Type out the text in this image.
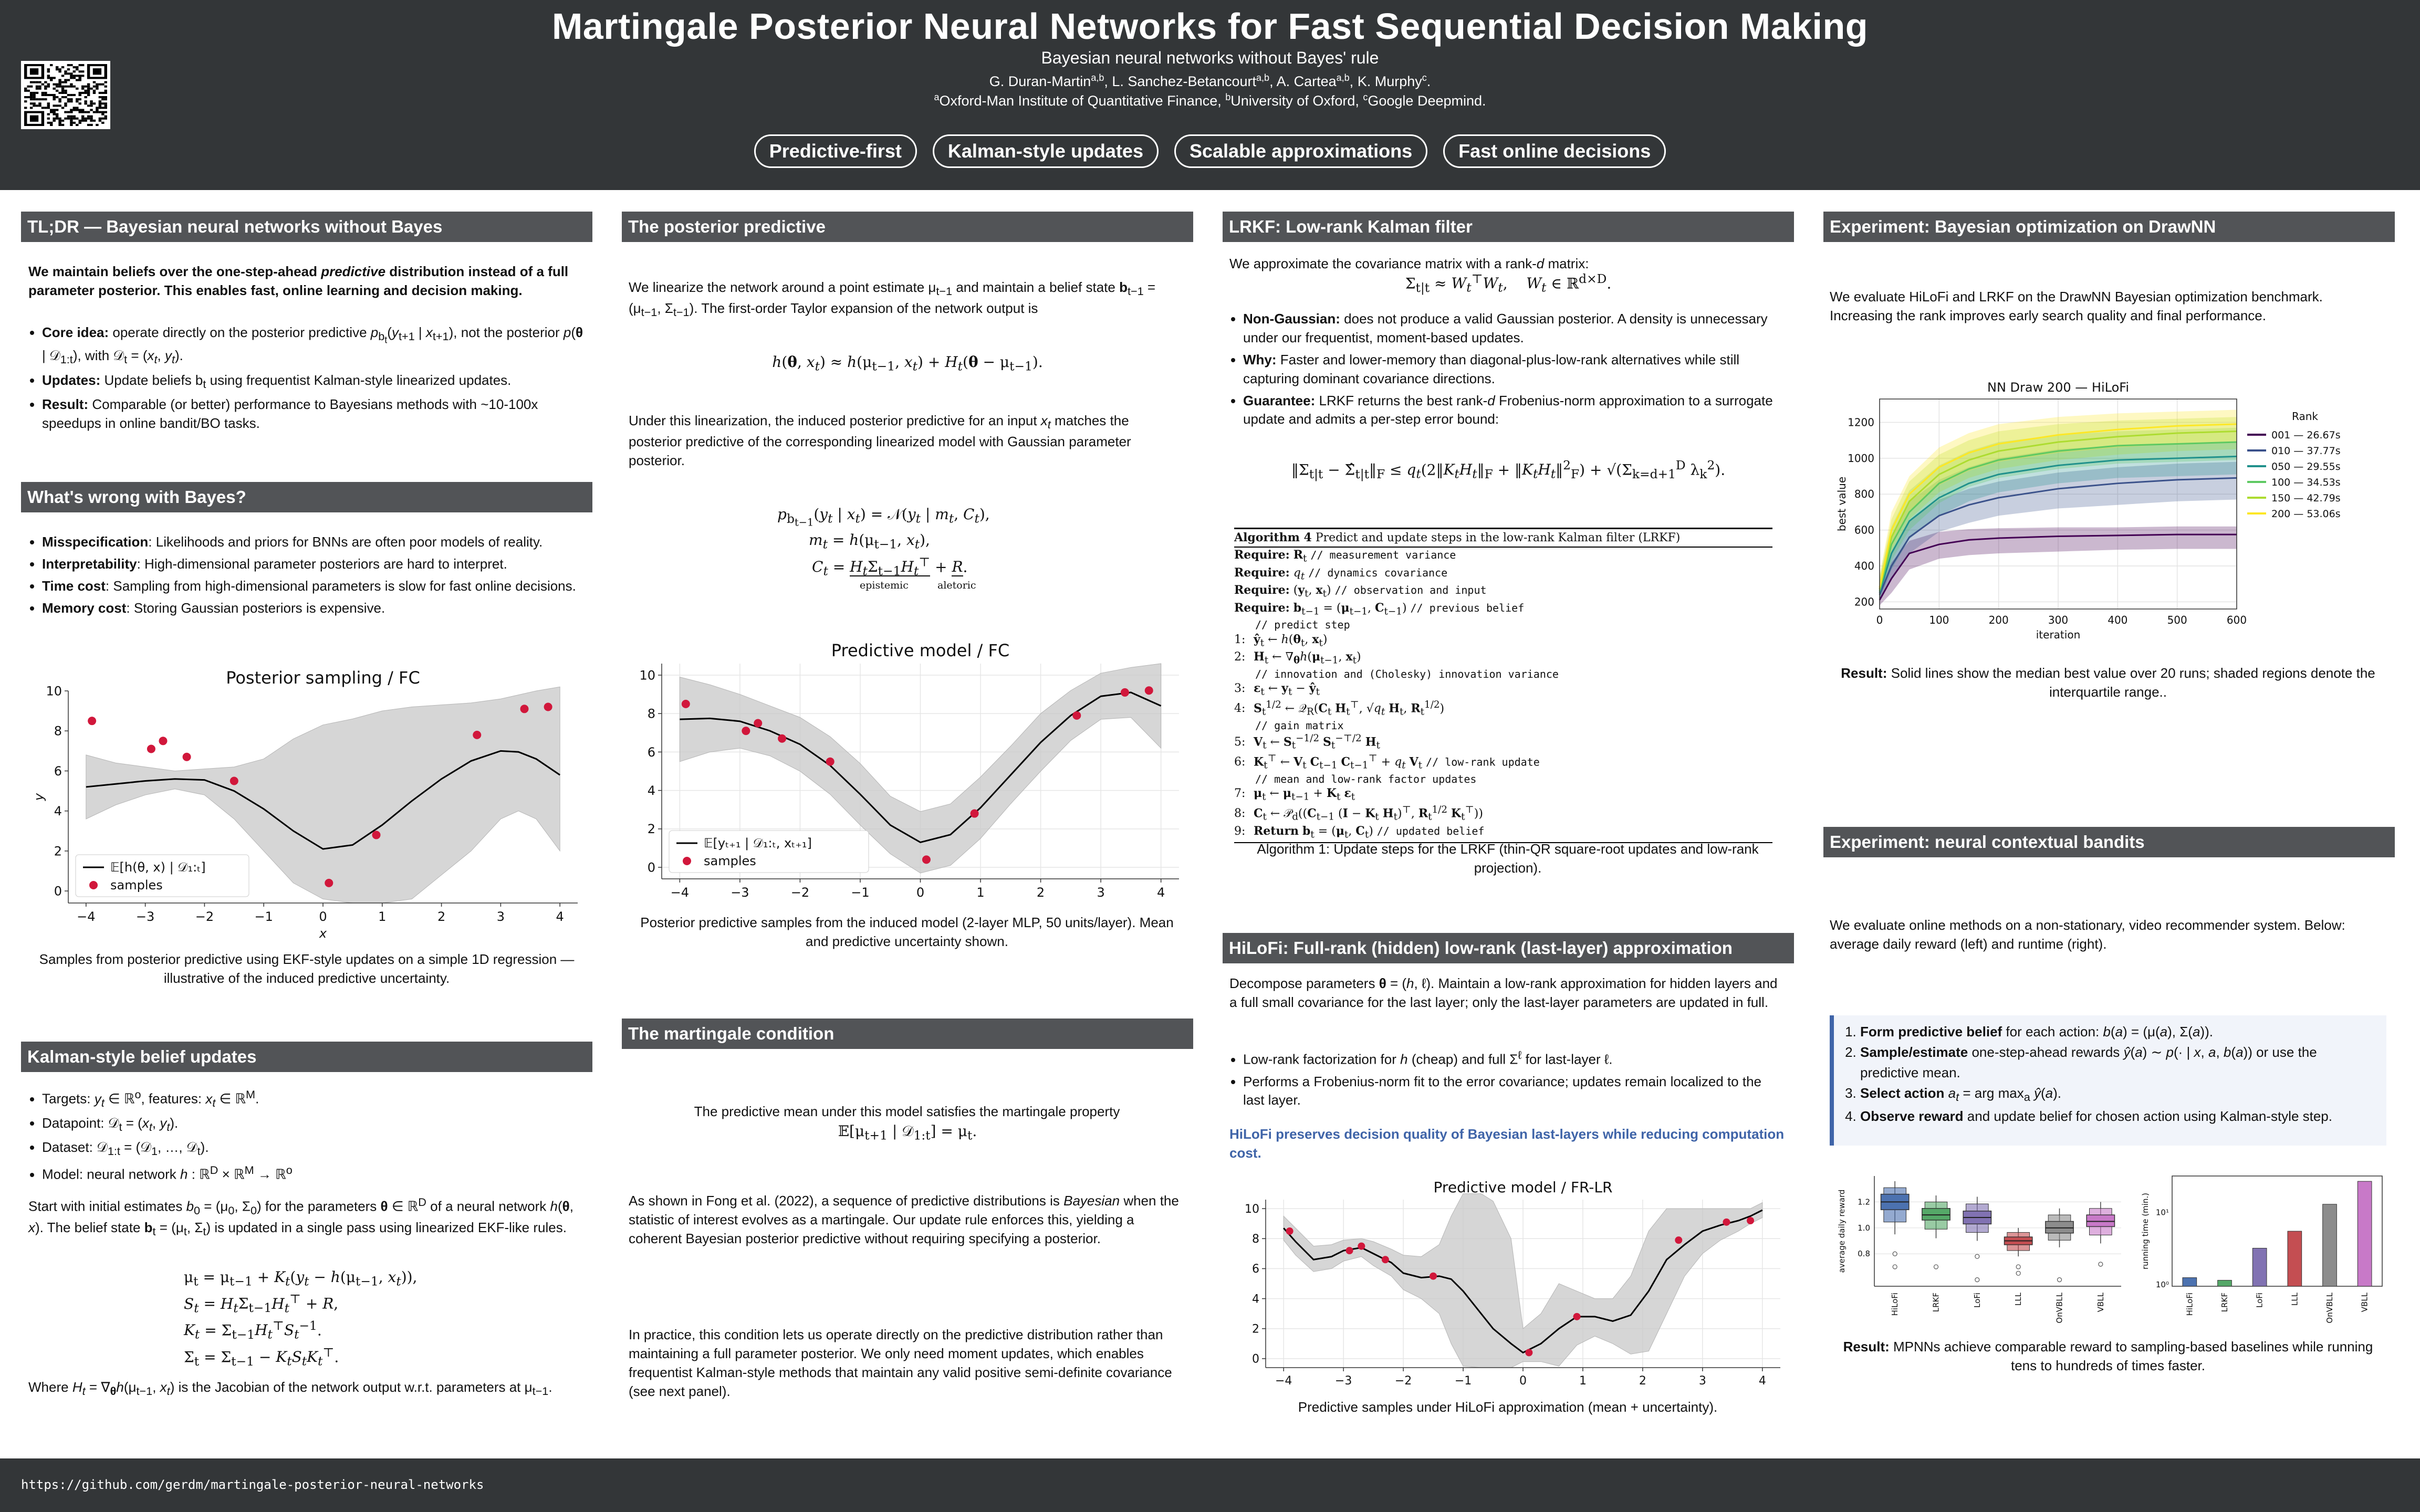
Martingale Posterior Neural Networks for Fast Sequential Decision Making
Bayesian neural networks without Bayes' rule
G. Duran-Martin$^{a,b}$, L. Sanchez-Betancourt$^{a,b}$, A. Cartea$^{a,b}$, K. Murphy$^c$.
$^a$Oxford-Man Institute of Quantitative Finance, $^b$University of Oxford, $^c$Google Deepmind.
Predictive-first	Kalman-style updates	Scalable approximations	Fast online decisions
TL;DR — Bayesian neural networks without Bayes
We maintain beliefs over the one-step-ahead predictive distribution instead of a full parameter posterior. This enables fast, online learning and decision making.
• Core idea: operate directly on the posterior predictive $p_{b_t}(y_{t+1}$ | $x_{t+1}$), not the posterior p(θ | 𝒟$_{1:t}$), with 𝒟$_t$ = ($x_t$, $y_t$).
• Updates: Update beliefs $b_t$ using frequentist Kalman-style linearized updates.
• Result: Comparable (or better) performance to Bayesians methods with ~10-100x speedups in online bandit/BO tasks.
What's wrong with Bayes?
• Misspecification: Likelihoods and priors for BNNs are often poor models of reality.
• Interpretability: High-dimensional parameter posteriors are hard to interpret.
• Time cost: Sampling from high-dimensional parameters is slow for fast online decisions.
• Memory cost: Storing Gaussian posteriors is expensive.
−4	−3	−2	−1	0	1	2	3	4
0
2
4
6
8
10
Posterior sampling / FC
x
y
𝔼[h(θ, x) | 𝒟₁:ₜ]
samples
Samples from posterior predictive using EKF-style updates on a simple 1D regression — illustrative of the induced predictive uncertainty.
Kalman-style belief updates
• Targets: $y_t$ ∈ ℝ$^o$, features: $x_t$ ∈ ℝ$^M$.
• Datapoint: 𝒟$_t$ = ($x_t$, $y_t$).
• Dataset: 𝒟$_{1:t}$ = (𝒟$_1$, …, 𝒟$_t$).
• Model: neural network h : ℝ$^D$ × ℝ$^M$ → ℝ$^o$
Start with initial estimates $b_0 = (\mu_0$, $\Sigma_0$) for the parameters θ ∈ ℝ$^D$ of a neural network h(θ, x). The belief state $b_t = (\mu_t$, $\Sigma_t$) is updated in a single pass using linearized EKF-like rules.
$\mu_t = \mu_{t-1} + K_t(y_t - h(\mu_{t-1}$, $x_t$)),
$S_t = H_t\Sigma_{t-1}H_t^⊤ + R$,
$K_t = \Sigma_{t-1}H_t^⊤S_t^{-1}$.
$\Sigma_t = \Sigma_{t-1} - K_tS_tK_t^⊤$.
Where $H_t = \nabla_\theta h(\mu_{t-1}$, $x_t$) is the Jacobian of the network output w.r.t. parameters at $\mu_{t-1}$.
The posterior predictive
We linearize the network around a point estimate $\mu_{t-1}$ and maintain a belief state $b_{t-1} = (\mu_{t-1}$, $\Sigma_{t-1}$). The first-order Taylor expansion of the network output is
h(θ, $x_t) \approx h(\mu_{t-1}$, $x_t) + H_t(\theta - \mu_{t-1})$.
Under this linearization, the induced posterior predictive for an input $x_t$ matches the posterior predictive of the corresponding linearized model with Gaussian parameter posterior.
$p_{b_{t-1}}(y_t$ | $x_t$) = $𝒩(y_t$ | $m_t$, $C_t$),
$m_t = h(\mu_{t-1}$, $x_t$),
$C_t = H_t\Sigma_{t-1}H_t^⊤ + R$.
epistemic	aletoric
−4	−3	−2	−1	0	1	2	3	4
0
2
4
6
8
10
Predictive model / FC
𝔼[yₜ₊₁ | 𝒟₁:ₜ, xₜ₊₁]
samples
Posterior predictive samples from the induced model (2-layer MLP, 50 units/layer). Mean and predictive uncertainty shown.
The martingale condition
The predictive mean under this model satisfies the martingale property
$𝔼[\mu_{t+1}$ | 𝒟$_{1:t}$] = $\mu_t$.
As shown in Fong et al. (2022), a sequence of predictive distributions is Bayesian when the statistic of interest evolves as a martingale. Our update rule enforces this, yielding a coherent Bayesian posterior predictive without requiring specifying a posterior.
In practice, this condition lets us operate directly on the predictive distribution rather than maintaining a full parameter posterior. We only need moment updates, which enables frequentist Kalman-style methods that maintain any valid positive semi-definite covariance (see next panel).
LRKF: Low-rank Kalman filter
We approximate the covariance matrix with a rank-d matrix:
$\Sigma_{t|t} \approx W_t^⊤W_t$,    $W_t$ ∈ ℝ$^{d\times D}$.
• Non-Gaussian: does not produce a valid Gaussian posterior. A density is unnecessary under our frequentist, moment-based updates.
• Why: Faster and lower-memory than diagonal-plus-low-rank alternatives while still capturing dominant covariance directions.
• Guarantee: LRKF returns the best rank-d Frobenius-norm approximation to a surrogate update and admits a per-step error bound:
$‖\Sigma_{t|t}$ − $\Sigmâ_{t|t}‖_F$ ≤ $q_t(2‖K_tH_t‖_F$ + $‖K_tH_t‖^2_F) + √(\Sigma_{k=d+1}^D$ $\lambda_k^2$).
Algorithm 4 Predict and update steps in the low-rank Kalman filter (LRKF)
Require: $R_t$ // measurement variance
Require: $q_t$ // dynamics covariance
Require: ($y_t$, $x_t$) // observation and input
Require: $b_{t-1} = (\mu_{t-1}$, $C_{t-1}$) // previous belief
// predict step
1: $ŷ_t$ ← $h(\theta_t$, $x_t$)
2: $H_t$ ← $\nabla_\theta h(\mu_{t-1}$, $x_t$)
// innovation and (Cholesky) innovation variance
3: $\varepsilon_t$ ← $y_t$ − $ŷ_t$
4: $S_t^{1/2}$ ← $𝒬_R(C_t$ $H_t^⊤$, $√q_t$ $H_t$, $R_t^{1/2}$)
// gain matrix
5: $V_t$ ← $S_t^{-1/2}$ $S_t^{-⊤/2}$ $H_t$
6: $K_t^⊤$ ← $V_t$ $C_{t-1}$ $C_{t-1}^⊤ + q_t$ $V_t$ // low-rank update
// mean and low-rank factor updates
7: $\mu_t$ ← $\mu_{t-1} + K_t$ $\varepsilon_t$
8: $C_t$ ← $𝒫_d((C_{t-1}$ ($I - K_t$ $H_t)^⊤$, $R_t^{1/2}$ $K_t^⊤$))
9: Return $b_t = (\mu_t$, $C_t$) // updated belief
Algorithm 1: Update steps for the LRKF (thin-QR square-root updates and low-rank projection).
HiLoFi: Full-rank (hidden) low-rank (last-layer) approximation
Decompose parameters θ = (h, ℓ). Maintain a low-rank approximation for hidden layers and a full small covariance for the last layer; only the last-layer parameters are updated in full.
• Low-rank factorization for h (cheap) and full $\Sigma^\ell$ for last-layer ℓ.
• Performs a Frobenius-norm fit to the error covariance; updates remain localized to the last layer.
HiLoFi preserves decision quality of Bayesian last-layers while reducing computation cost.
−4	−3	−2	−1	0	1	2	3	4
0
2
4
6
8
10
Predictive model / FR-LR
Predictive samples under HiLoFi approximation (mean + uncertainty).
Experiment: Bayesian optimization on DrawNN
We evaluate HiLoFi and LRKF on the DrawNN Bayesian optimization benchmark. Increasing the rank improves early search quality and final performance.
0	100	200	300	400	500	600
200
400
600
800
1000
1200
NN Draw 200 — HiLoFi
iteration
best value
Rank
001 — 26.67s
010 — 37.77s
050 — 29.55s
100 — 34.53s
150 — 42.79s
200 — 53.06s
Result: Solid lines show the median best value over 20 runs; shaded regions denote the interquartile range..
Experiment: neural contextual bandits
We evaluate online methods on a non-stationary, video recommender system. Below: average daily reward (left) and runtime (right).
1. Form predictive belief for each action: b(a) = (μ(a), Σ(a)).
2. Sample/estimate one-step-ahead rewards ŷ(a) ∼ p(· | x, a, b(a)) or use the predictive mean.
3. Select action $a_t$ = arg $\max_a$ ŷ(a).
4. Observe reward and update belief for chosen action using Kalman-style step.
HiLoFi	LRKF	LoFi	LLL	OnVBLL	VBLL
0.8
1.0
1.2
average daily reward
HiLoFi	LRKF	LoFi	LLL	OnVBLL	VBLL
10⁰
10¹
running time (min.)
Result: MPNNs achieve comparable reward to sampling-based baselines while running tens to hundreds of times faster.
https://github.com/gerdm/martingale-posterior-neural-networks
